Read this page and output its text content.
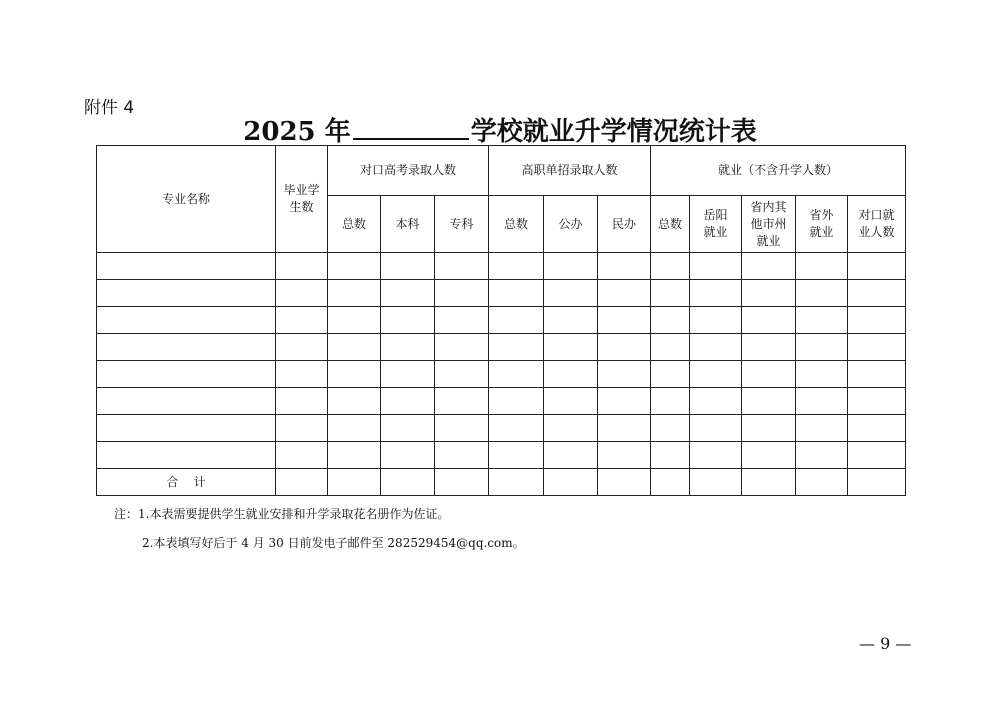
附件 4
2025 年	学校就业升学情况统计表
专业名称	毕业学生数	对口高考录取人数			高职单招录取人数			就业（不含升学人数）				
		总数	本科	专科	总数	公办	民办	总数	岳阳就业	省内其他市州就业	省外就业	对口就业人数

合    计												
注：1.本表需要提供学生就业安排和升学录取花名册作为佐证。
2.本表填写好后于 4 月 30 日前发电子邮件至 282529454@qq.com。
— 9 —
